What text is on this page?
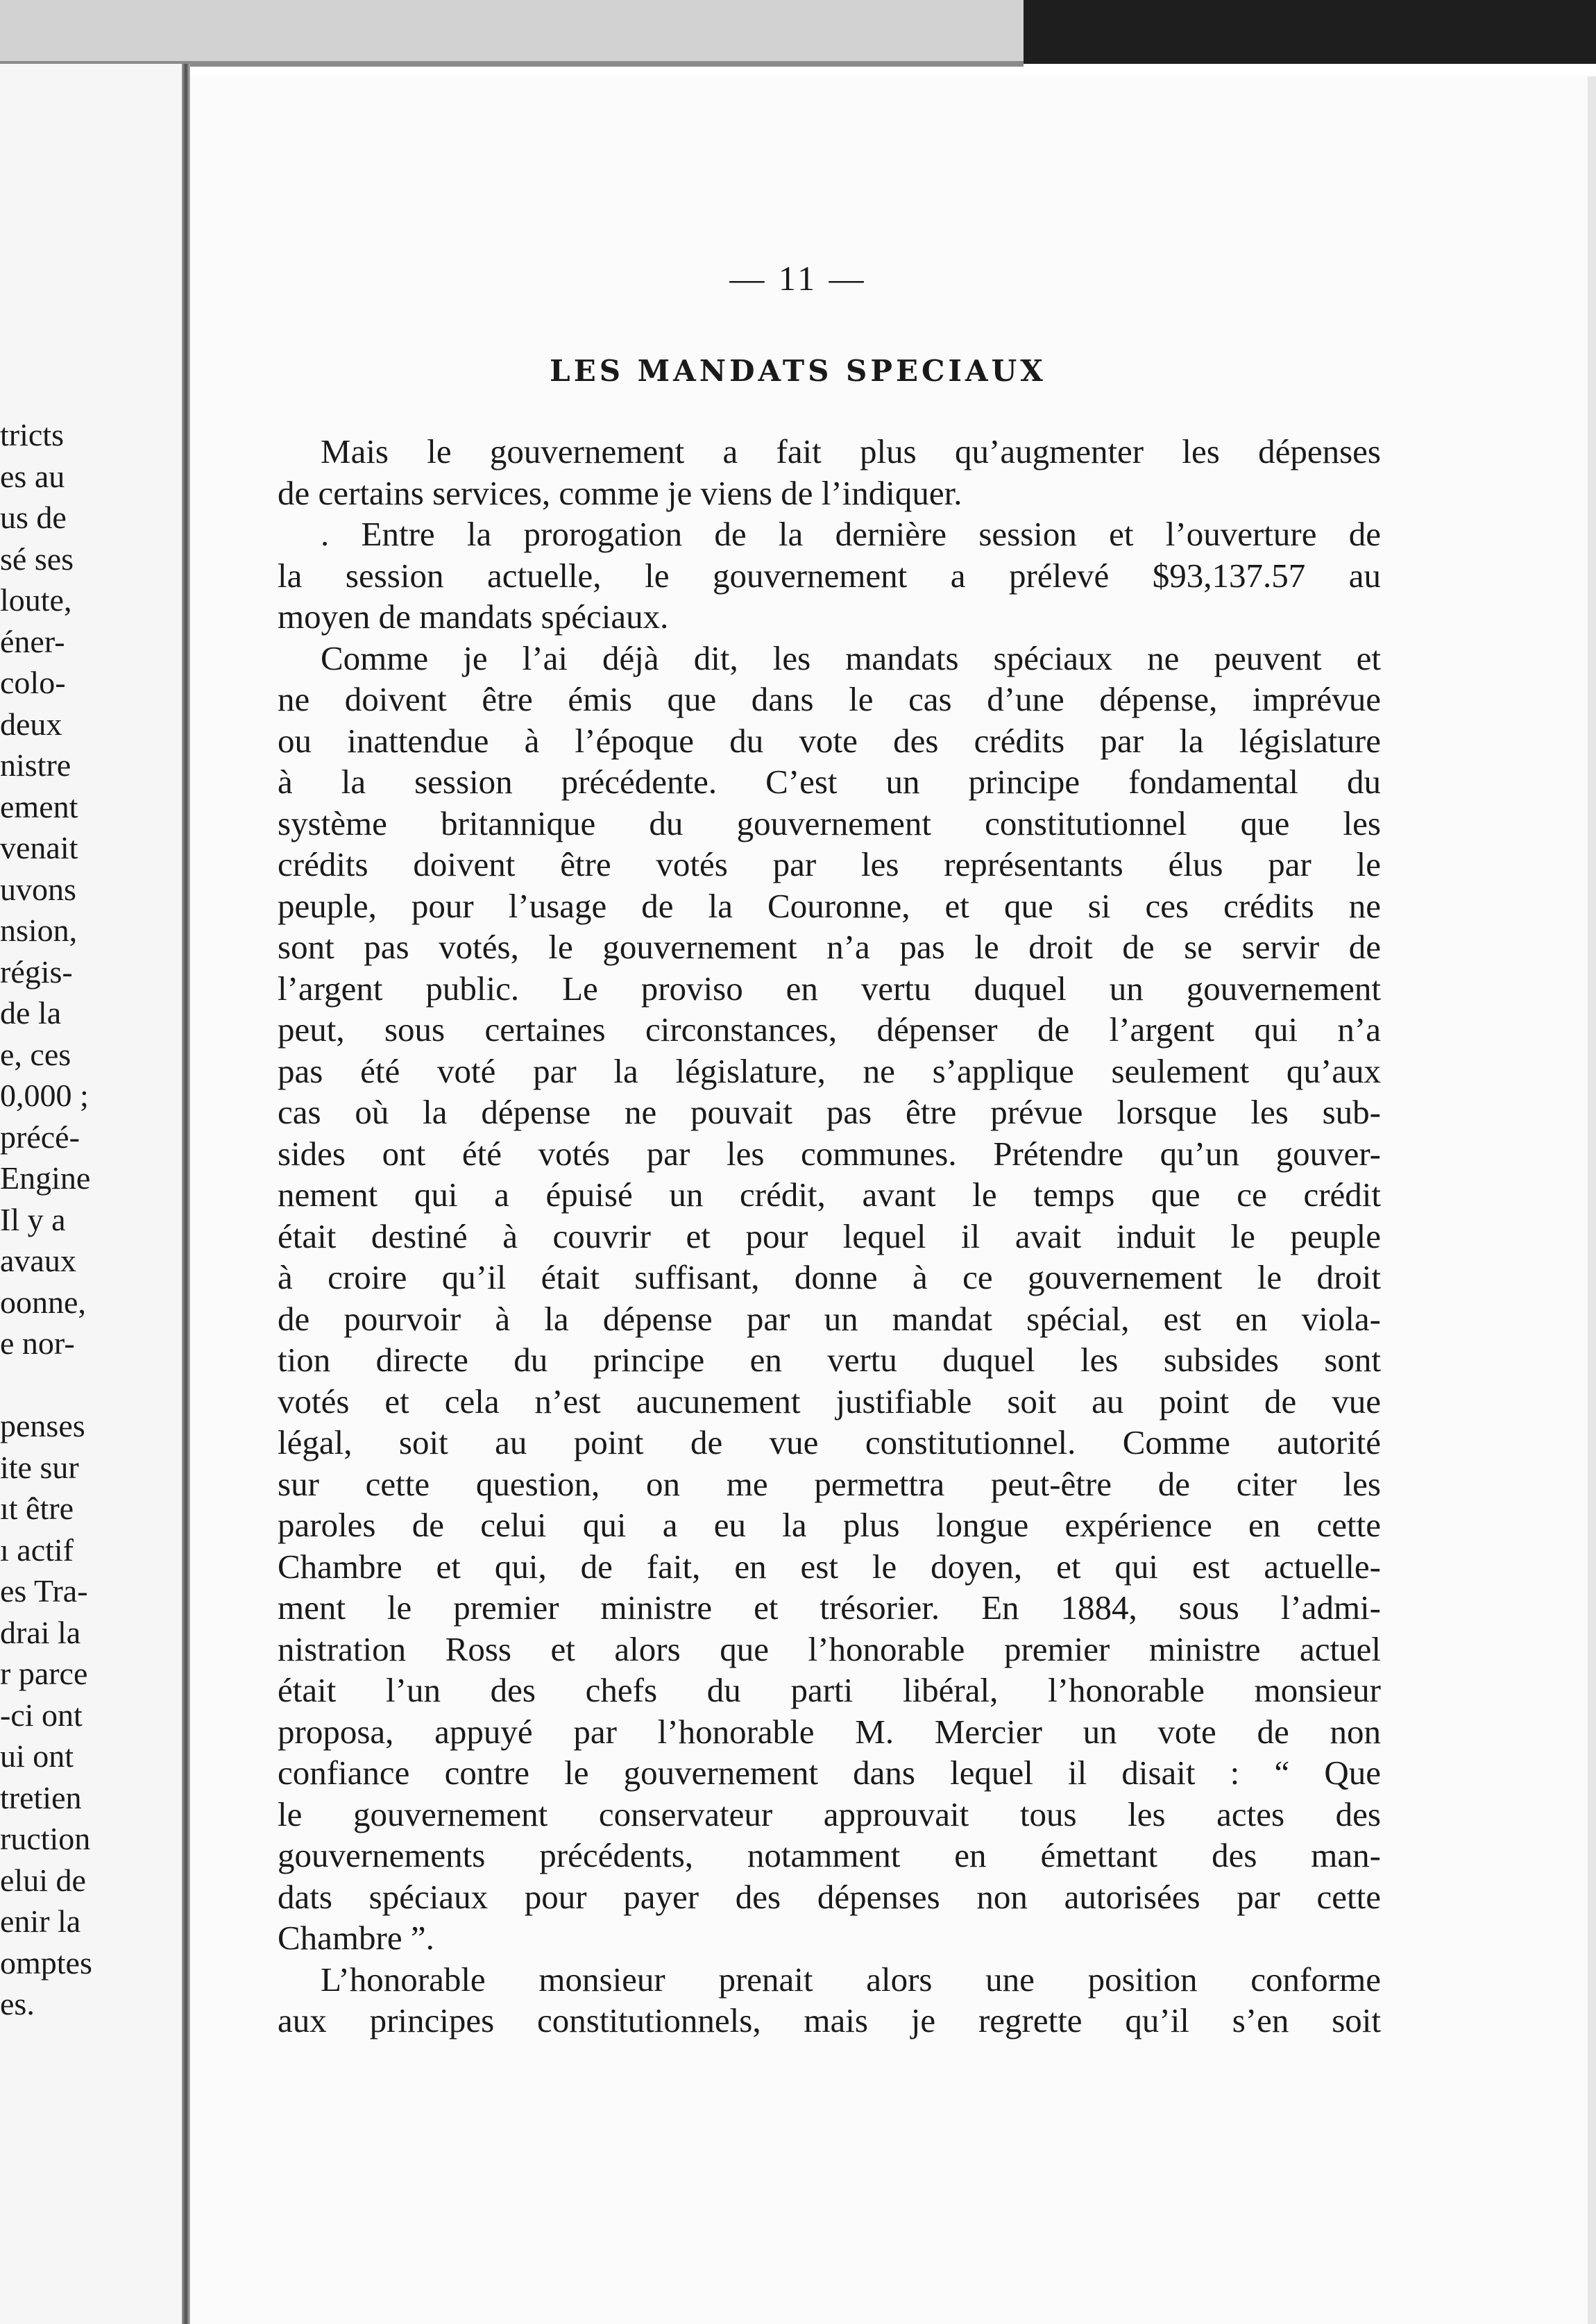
tricts
es au
us de
sé ses
loute,
éner-
colo-
deux
nistre
ement
venait
uvons
nsion,
régis-
de la
e, ces
0,000 ;
précé-
Engine
Il y a
avaux
oonne,
e nor-
penses
ite sur
ıt être
ı actif
es Tra-
drai la
r parce
-ci ont
ui ont
tretien
ruction
elui de
enir la
omptes
es.
— 11 —
LES MANDATS SPECIAUX
Mais le gouvernement a fait plus qu’augmenter les dépenses
de certains services, comme je viens de l’indiquer.
. Entre la prorogation de la dernière session et l’ouverture de
la session actuelle, le gouvernement a prélevé $93,137.57 au
moyen de mandats spéciaux.
Comme je l’ai déjà dit, les mandats spéciaux ne peuvent et
ne doivent être émis que dans le cas d’une dépense, imprévue
ou inattendue à l’époque du vote des crédits par la législature
à la session précédente. C’est un principe fondamental du
système britannique du gouvernement constitutionnel que les
crédits doivent être votés par les représentants élus par le
peuple, pour l’usage de la Couronne, et que si ces crédits ne
sont pas votés, le gouvernement n’a pas le droit de se servir de
l’argent public. Le proviso en vertu duquel un gouvernement
peut, sous certaines circonstances, dépenser de l’argent qui n’a
pas été voté par la législature, ne s’applique seulement qu’aux
cas où la dépense ne pouvait pas être prévue lorsque les sub-
sides ont été votés par les communes. Prétendre qu’un gouver-
nement qui a épuisé un crédit, avant le temps que ce crédit
était destiné à couvrir et pour lequel il avait induit le peuple
à croire qu’il était suffisant, donne à ce gouvernement le droit
de pourvoir à la dépense par un mandat spécial, est en viola-
tion directe du principe en vertu duquel les subsides sont
votés et cela n’est aucunement justifiable soit au point de vue
légal, soit au point de vue constitutionnel. Comme autorité
sur cette question, on me permettra peut-être de citer les
paroles de celui qui a eu la plus longue expérience en cette
Chambre et qui, de fait, en est le doyen, et qui est actuelle-
ment le premier ministre et trésorier. En 1884, sous l’admi-
nistration Ross et alors que l’honorable premier ministre actuel
était l’un des chefs du parti libéral, l’honorable monsieur
proposa, appuyé par l’honorable M. Mercier un vote de non
confiance contre le gouvernement dans lequel il disait : “ Que
le gouvernement conservateur approuvait tous les actes des
gouvernements précédents, notamment en émettant des man-
dats spéciaux pour payer des dépenses non autorisées par cette
Chambre ”.
L’honorable monsieur prenait alors une position conforme
aux principes constitutionnels, mais je regrette qu’il s’en soit
